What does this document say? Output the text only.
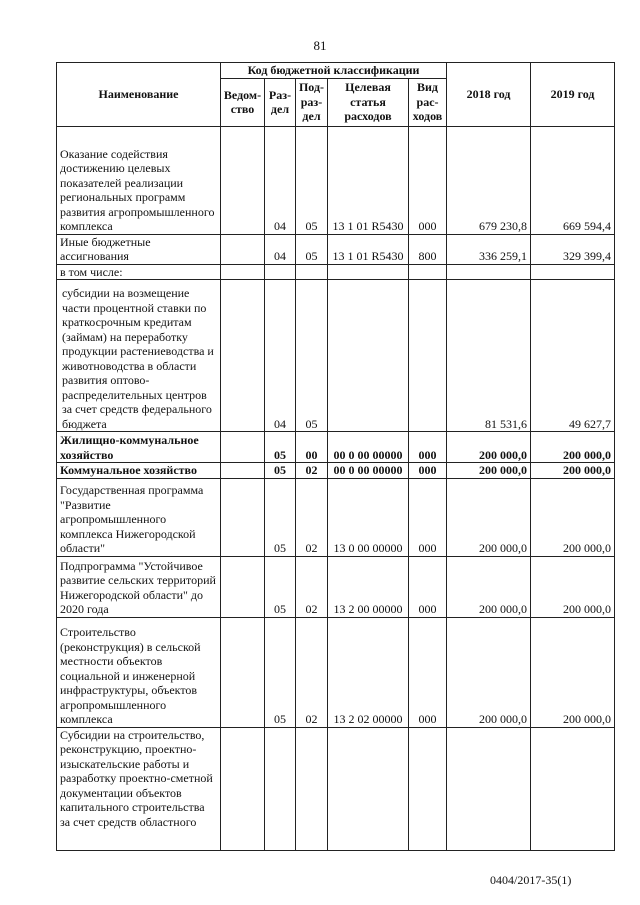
81
Наименование	Код бюджетной классификации					2018 год	2019 год
	Ведом-ство	Раз-дел	Под-раз-дел	Целевая статья расходов	Вид рас-ходов		
Оказание содействия достижению целевых показателей реализации региональных программ развития агропромышленного комплекса		04	05	13 1 01 R5430	000	679 230,8	669 594,4
Иные бюджетные ассигнования		04	05	13 1 01 R5430	800	336 259,1	329 399,4
в том числе:							
субсидии на возмещение части процентной ставки по краткосрочным кредитам (займам) на переработку продукции растениеводства и животноводства в области развития оптово-распределительных центров за счет средств федерального бюджета		04	05			81 531,6	49 627,7
Жилищно-коммунальное хозяйство		05	00	00 0 00 00000	000	200 000,0	200 000,0
Коммунальное хозяйство		05	02	00 0 00 00000	000	200 000,0	200 000,0
Государственная программа "Развитие агропромышленного комплекса Нижегородской области"		05	02	13 0 00 00000	000	200 000,0	200 000,0
Подпрограмма "Устойчивое развитие сельских территорий Нижегородской области" до 2020 года		05	02	13 2 00 00000	000	200 000,0	200 000,0
Строительство (реконструкция) в сельской местности объектов социальной и инженерной инфраструктуры, объектов агропромышленного комплекса		05	02	13 2 02 00000	000	200 000,0	200 000,0
Субсидии на строительство, реконструкцию, проектно-изыскательские работы и разработку проектно-сметной документации объектов капитального строительства за счет средств областного							
0404/2017-35(1)
